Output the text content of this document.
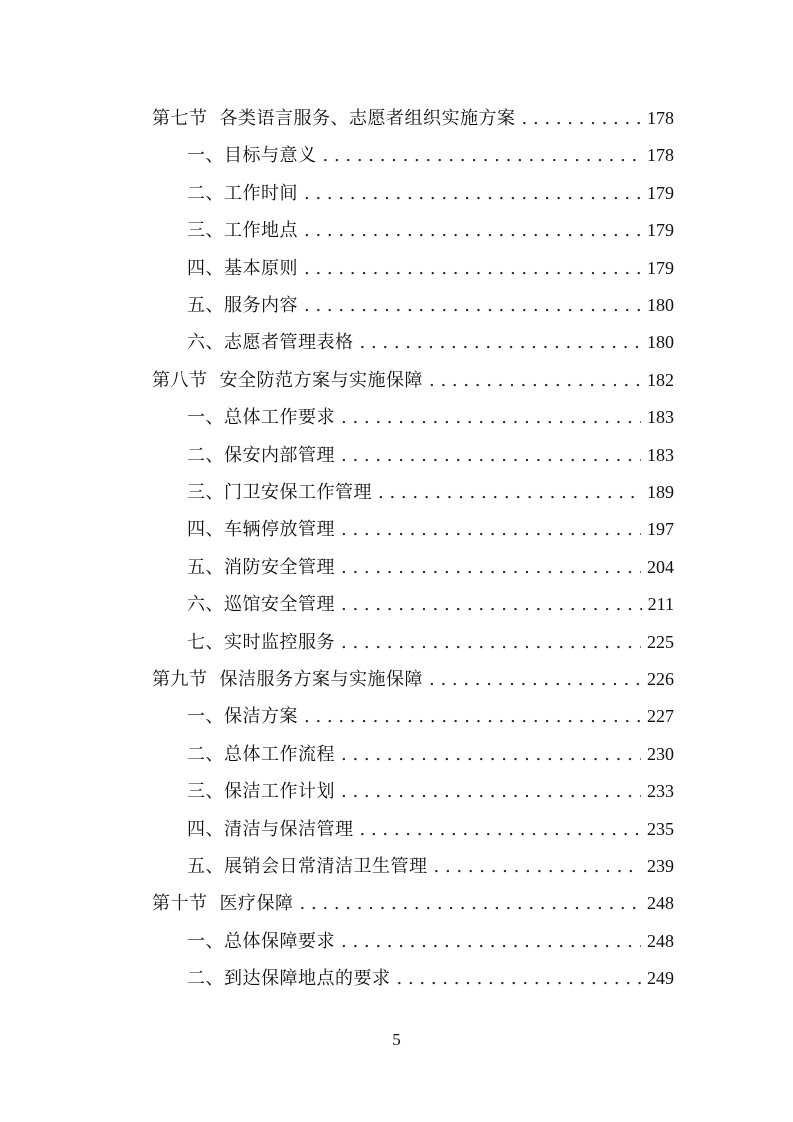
第七节 各类语言服务、志愿者组织实施方案 . . .	178
一、目标与意义 . . .	178
二、工作时间 . . .	179
三、工作地点 . . .	179
四、基本原则 . . .	179
五、服务内容 . . .	180
六、志愿者管理表格 . . .	180
第八节 安全防范方案与实施保障 . . .	182
一、总体工作要求 . . .	183
二、保安内部管理 . . .	183
三、门卫安保工作管理 . . .	189
四、车辆停放管理 . . .	197
五、消防安全管理 . . .	204
六、巡馆安全管理 . . .	211
七、实时监控服务 . . .	225
第九节 保洁服务方案与实施保障 . . .	226
一、保洁方案 . . .	227
二、总体工作流程 . . .	230
三、保洁工作计划 . . .	233
四、清洁与保洁管理 . . .	235
五、展销会日常清洁卫生管理 . . .	239
第十节 医疗保障 . . .	248
一、总体保障要求 . . .	248
二、到达保障地点的要求 . . .	249
5
